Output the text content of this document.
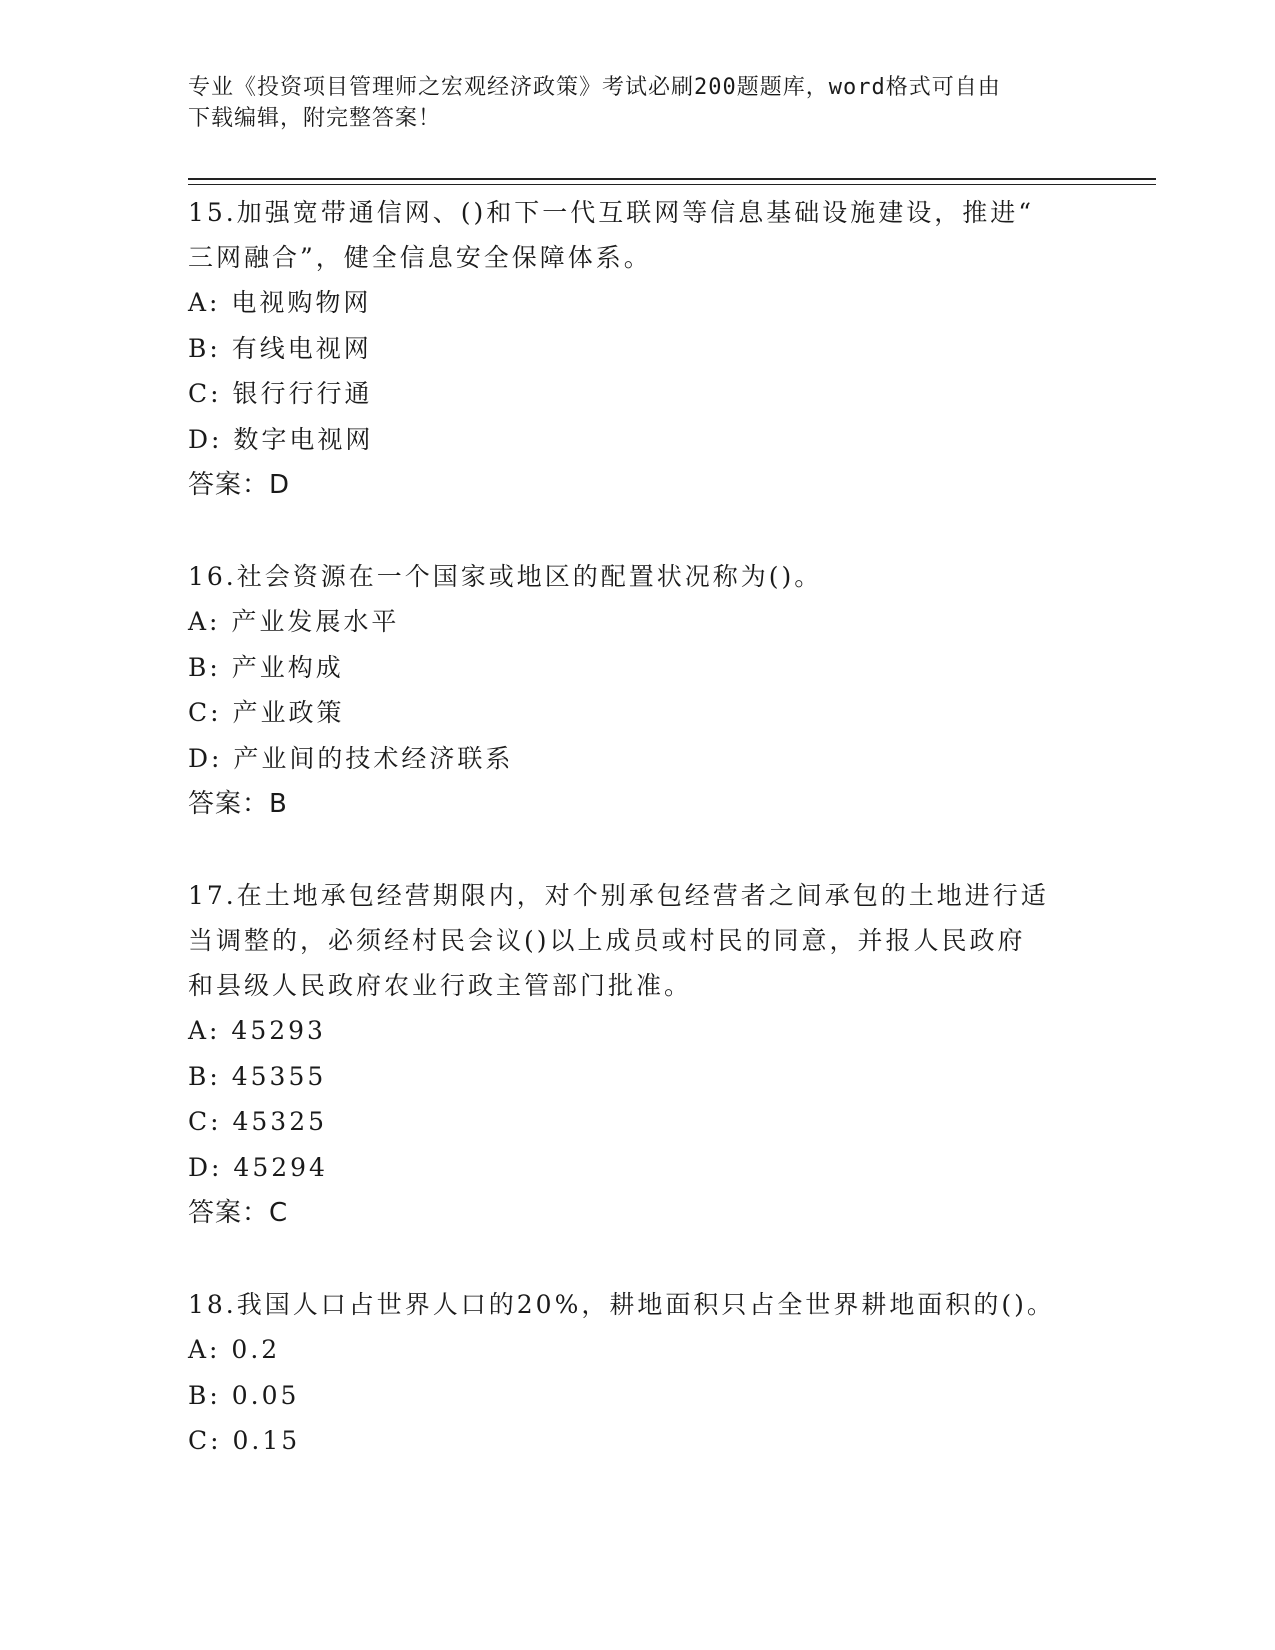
专业《投资项目管理师之宏观经济政策》考试必刷200题题库，word格式可自由
下载编辑，附完整答案！
15.加强宽带通信网、()和下一代互联网等信息基础设施建设，推进“
三网融合”，健全信息安全保障体系。
A: 电视购物网
B: 有线电视网
C: 银行行行通
D: 数字电视网
答案：D
16.社会资源在一个国家或地区的配置状况称为()。
A: 产业发展水平
B: 产业构成
C: 产业政策
D: 产业间的技术经济联系
答案：B
17.在土地承包经营期限内，对个别承包经营者之间承包的土地进行适
当调整的，必须经村民会议()以上成员或村民的同意，并报人民政府
和县级人民政府农业行政主管部门批准。
A: 45293
B: 45355
C: 45325
D: 45294
答案：C
18.我国人口占世界人口的20%，耕地面积只占全世界耕地面积的()。
A: 0.2
B: 0.05
C: 0.15
